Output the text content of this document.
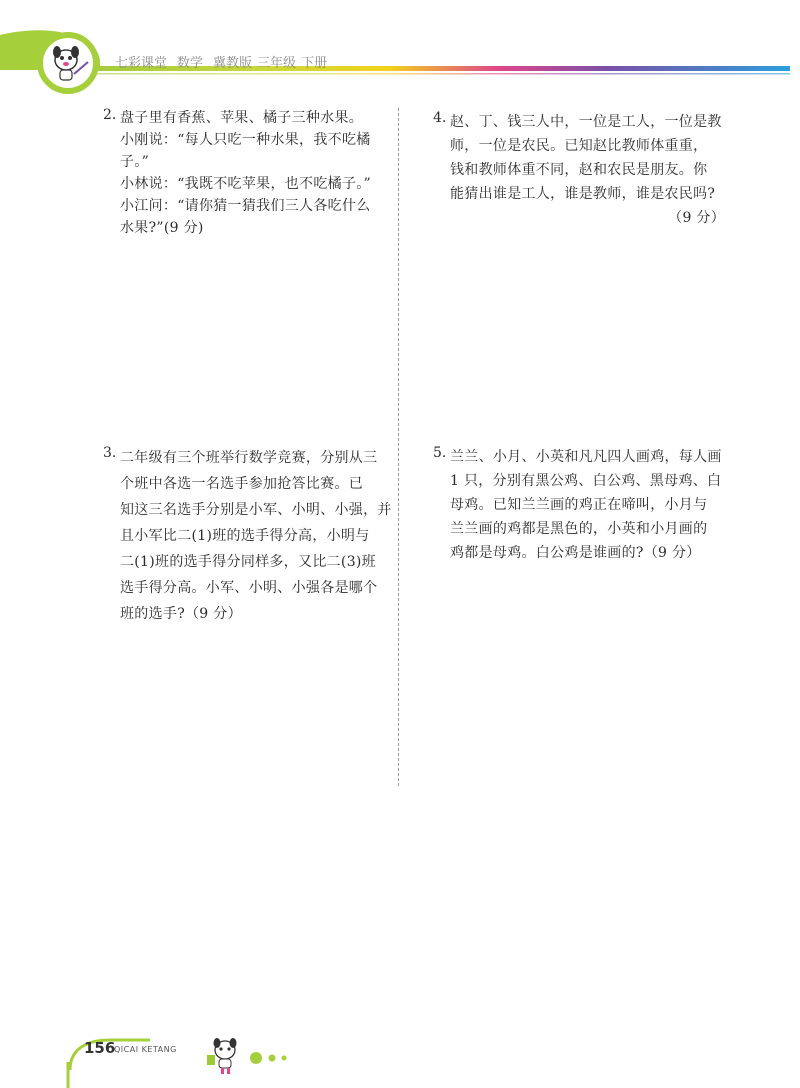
七彩课堂 数学 冀教版 三年级 下册
2. 盘子里有香蕉、苹果、橘子三种水果。

小刚说：“每人只吃一种水果，我不吃橘

子。”

小林说：“我既不吃苹果，也不吃橘子。”

小江问：“请你猜一猜我们三人各吃什么

水果?”(9 分)

3. 二年级有三个班举行数学竞赛，分别从三

个班中各选一名选手参加抢答比赛。已

知这三名选手分别是小军、小明、小强，并

且小军比二(1)班的选手得分高，小明与

二(1)班的选手得分同样多，又比二(3)班

选手得分高。小军、小明、小强各是哪个

班的选手?（9 分）

4. 赵、丁、钱三人中，一位是工人，一位是教

师，一位是农民。已知赵比教师体重重，

钱和教师体重不同，赵和农民是朋友。你

能猜出谁是工人，谁是教师，谁是农民吗?

（9 分）

5. 兰兰、小月、小英和凡凡四人画鸡，每人画

1 只，分别有黑公鸡、白公鸡、黑母鸡、白

母鸡。已知兰兰画的鸡正在啼叫，小月与

兰兰画的鸡都是黑色的，小英和小月画的

鸡都是母鸡。白公鸡是谁画的?（9 分）

156
QICAI KETANG
